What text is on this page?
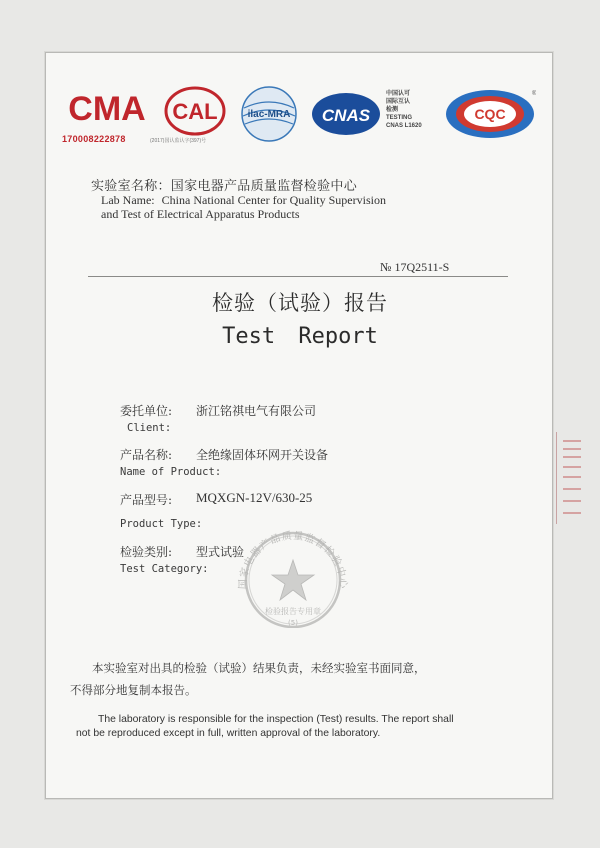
CMA
170008222878
CAL
(2017)国认监认字(397)号
ilac-MRA CNAS
中国认可
国际互认
检测
TESTING
CNAS L1620
CQC
®
实验室名称：国家电器产品质量监督检验中心
Lab Name: China National Center for Quality Supervision
and Test of Electrical Apparatus Products
№ 17Q2511-S
检验（试验）报告
Test Report
委托单位: 浙江铭祺电气有限公司
Client:
产品名称: 全绝缘固体环网开关设备
Name of Product:
产品型号: MQXGN-12V/630-25
Product Type:
检验类别: 型式试验
Test Category:
国家电器产品质量监督检验中心
检验报告专用章
(5)
本实验室对出具的检验（试验）结果负责，未经实验室书面同意，
不得部分地复制本报告。
The laboratory is responsible for the inspection (Test) results. The report shall
not be reproduced except in full, written approval of the laboratory.
